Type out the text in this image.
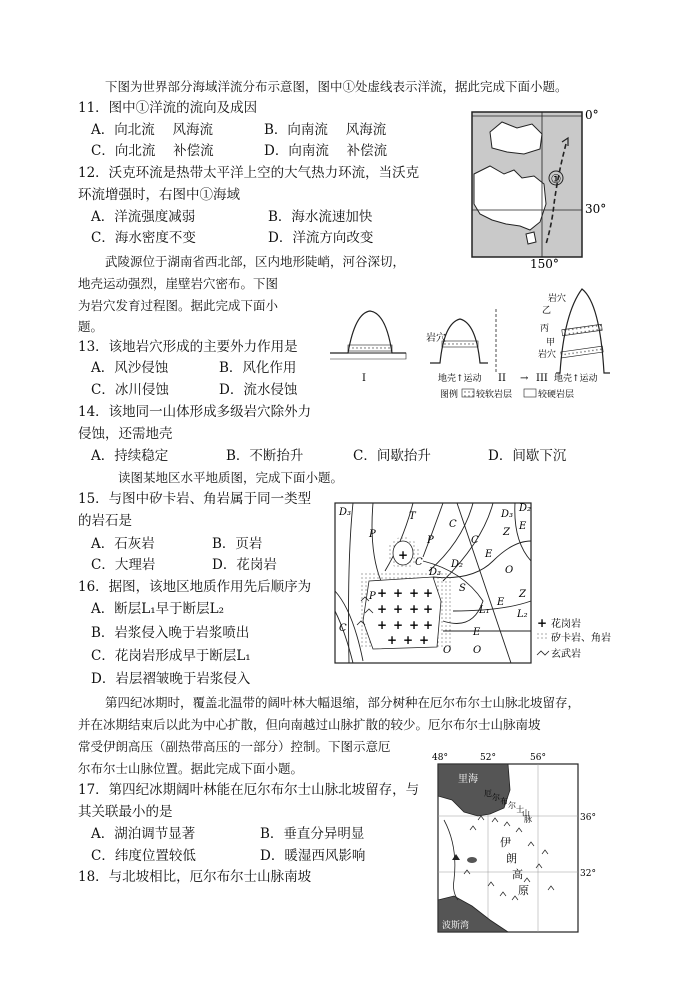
下图为世界部分海域洋流分布示意图，图中①处虚线表示洋流，据此完成下面小题。
11．图中①洋流的流向及成因
A．向北流　 风海流	B．向南流　 风海流
C．向北流　 补偿流	D．向南流　 补偿流
12．沃克环流是热带太平洋上空的大气热力环流，当沃克
环流增强时，右图中①海域
A．洋流强度减弱	B．海水流速加快
C．海水密度不变	D．洋流方向改变
①
0°
30°
150°
武陵源位于湖南省西北部，区内地形陡峭，河谷深切，
地壳运动强烈，崖壁岩穴密布。下图
为岩穴发育过程图。据此完成下面小
题。
13．该地岩穴形成的主要外力作用是
A．风沙侵蚀	B．风化作用
C．冰川侵蚀	D．流水侵蚀
14．该地同一山体形成多级岩穴除外力
侵蚀，还需地壳
A．持续稳定	B．不断抬升	C．间歇抬升	D．间歇下沉
I
岩穴
地壳↑运动 II →
岩穴
乙
丙
甲
岩穴
III 地壳↑运动
图例 较软岩层	较硬岩层
读图某地区水平地质图，完成下面小题。
15．与图中矽卡岩、角岩属于同一类型
的岩石是
A．石灰岩	B．页岩
C．大理岩	D．花岗岩
16．据图，该地区地质作用先后顺序为
A．断层L₁早于断层L₂
B．岩浆侵入晚于岩浆喷出
C．花岗岩形成早于断层L₁
D．岩层褶皱晚于岩浆侵入
+
+ + + +
+ + + +
+ + + +
+ + +
D₃	T
P
C
D₃
D₂
E
Z
C
P
E
C
D₃
D₂
O
S
P
L₁
E
Z
L₂
E
O
C
O
+ 花岗岩
矽卡岩、角岩
玄武岩
第四纪冰期时，覆盖北温带的阔叶林大幅退缩，部分树种在厄尔布尔士山脉北坡留存，
并在冰期结束后以此为中心扩散，但向南越过山脉扩散的较少。厄尔布尔士山脉南坡
常受伊朗高压（副热带高压的一部分）控制。下图示意厄
尔布尔士山脉位置。据此完成下面小题。
17．第四纪冰期阔叶林能在厄尔布尔士山脉北坡留存，与
其关联最小的是
A．湖泊调节显著	B．垂直分异明显
C．纬度位置较低	D．暖湿西风影响
18．与北坡相比，厄尔布尔士山脉南坡
48°	52°	56°
36°
32°
里海
波斯湾
厄 尔 布 尔 士
山
脉
伊
朗
高
原
